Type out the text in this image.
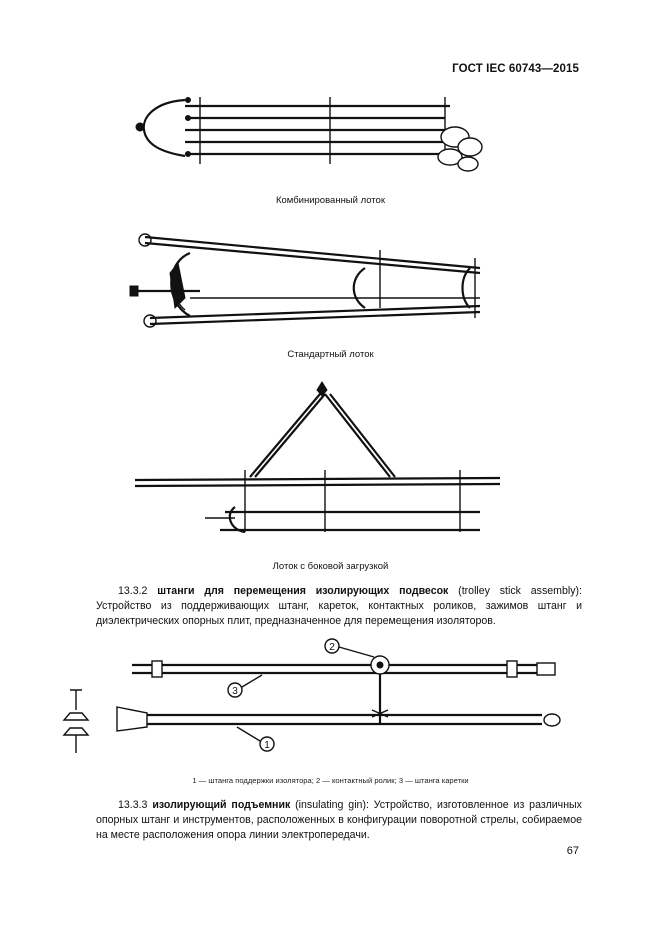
ГОСТ IEC 60743—2015
Комбинированный лоток
Стандартный лоток
Лоток с боковой загрузкой
13.3.2 штанги для перемещения изолирующих подвесок (trolley stick assembly): Устройство из поддерживающих штанг, кареток, контактных роликов, зажимов штанг и диэлектрических опорных плит, предназначенное для перемещения изоляторов.
2
3
1
1 — штанга поддержки изолятора; 2 — контактный ролик; 3 — штанга каретки
13.3.3 изолирующий подъемник (insulating gin): Устройство, изготовленное из различных опорных штанг и инструментов, расположенных в конфигурации поворотной стрелы, собираемое на месте расположения опора линии электропередачи.
67
